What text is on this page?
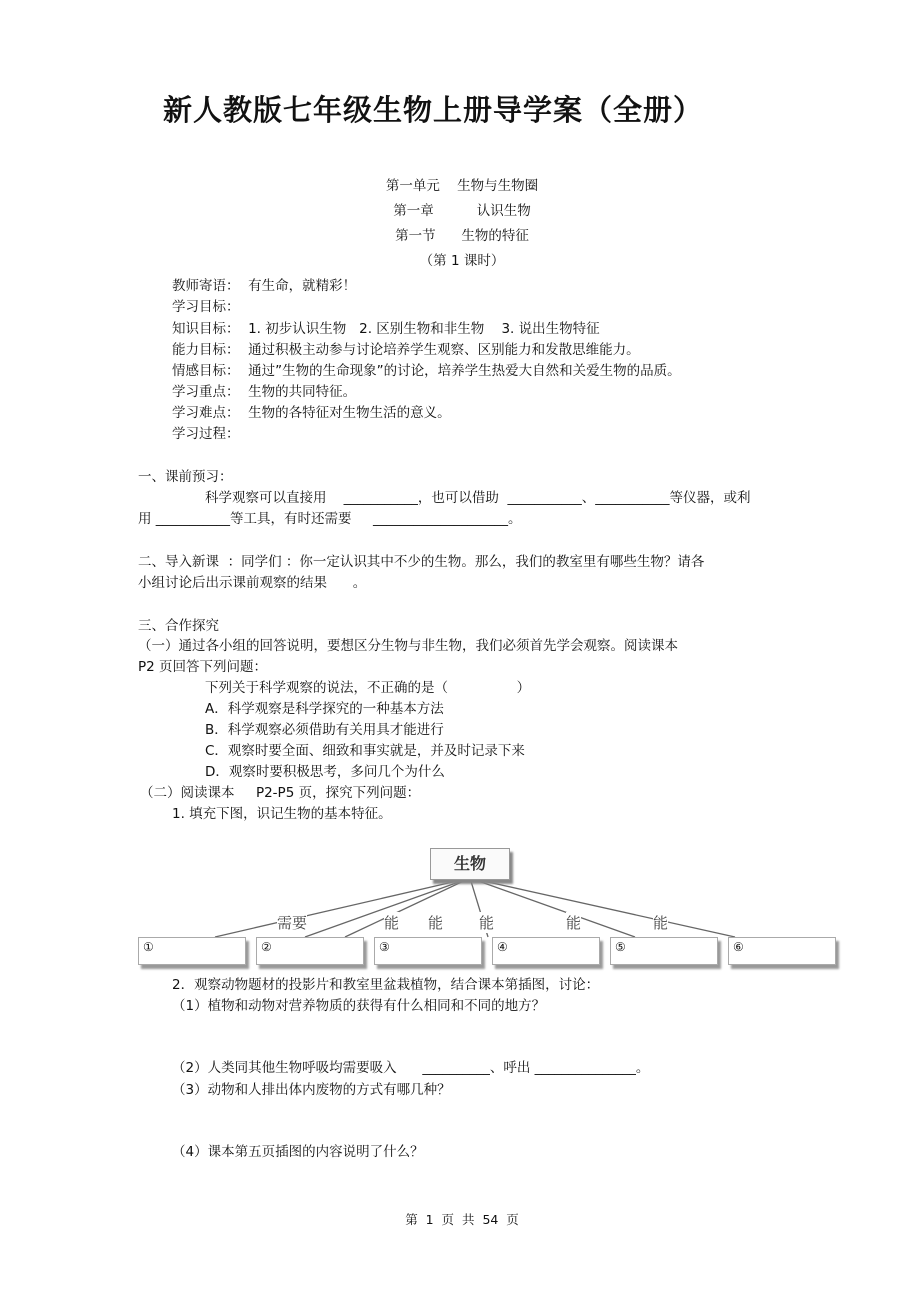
新人教版七年级生物上册导学案（全册）
第一单元    生物与生物圈
第一章          认识生物
第一节      生物的特征
（第 1 课时）
教师寄语：  有生命，就精彩！
学习目标：
知识目标：  1. 初步认识生物   2. 区别生物和非生物    3. 说出生物特征
能力目标：  通过积极主动参与讨论培养学生观察、区别能力和发散思维能力。
情感目标：  通过”生物的生命现象”的讨论，培养学生热爱大自然和关爱生物的品质。
学习重点：  生物的共同特征。
学习难点：  生物的各特征对生物生活的意义。
学习过程：
一、课前预习：
科学观察可以直接用    ___________，也可以借助  ___________、___________等仪器，或利
用 ___________等工具，有时还需要     ____________________。
二、导入新课  ：同学们 ：你一定认识其中不少的生物。那么，我们的教室里有哪些生物？请各
小组讨论后出示课前观察的结果      。
三、合作探究
（一）通过各小组的回答说明，要想区分生物与非生物，我们必须首先学会观察。阅读课本
P2 页回答下列问题：
下列关于科学观察的说法，不正确的是（                ）
A．科学观察是科学探究的一种基本方法
B．科学观察必须借助有关用具才能进行
C．观察时要全面、细致和事实就是，并及时记录下来
D．观察时要积极思考，多问几个为什么
（二）阅读课本     P2-P5 页，探究下列问题：
1. 填充下图，识记生物的基本特征。
生物
需要	能 能 能	能	能
①	②	③	④	⑤	⑥
2．观察动物题材的投影片和教室里盆栽植物，结合课本第插图，讨论：
（1）植物和动物对营养物质的获得有什么相同和不同的地方？
（2）人类同其他生物呼吸均需要吸入      __________、呼出 _______________。
（3）动物和人排出体内废物的方式有哪几种？
（4）课本第五页插图的内容说明了什么？
第  1  页  共  54  页
